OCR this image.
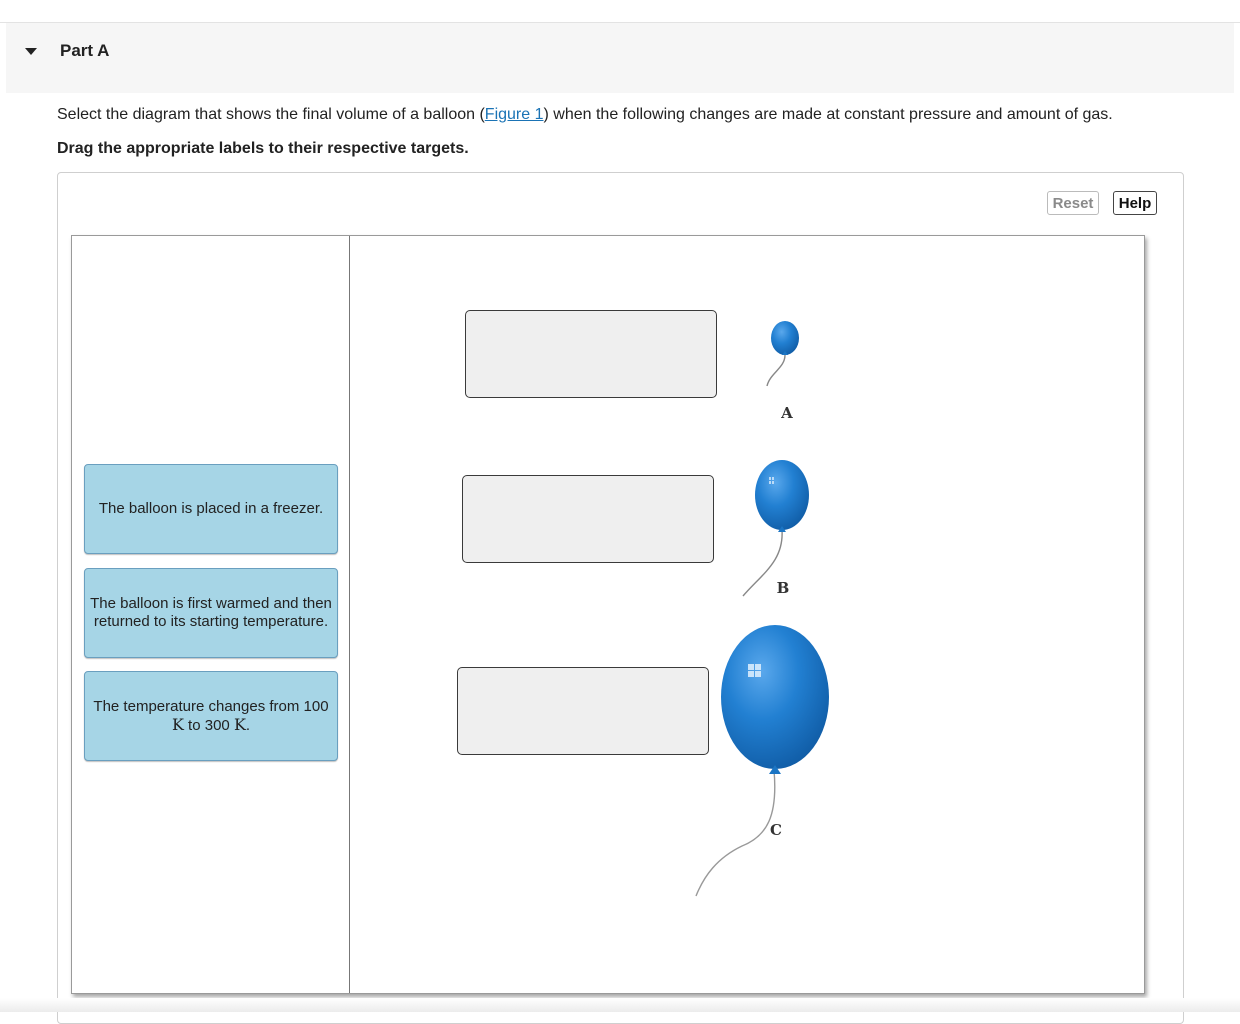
Part A
Select the diagram that shows the final volume of a balloon (Figure 1) when the following changes are made at constant pressure and amount of gas.
Drag the appropriate labels to their respective targets.
Reset	Help
The balloon is placed in a freezer.
The balloon is first warmed and then returned to its starting temperature.
The temperature changes from 100 K to 300 K.
A
B
C
